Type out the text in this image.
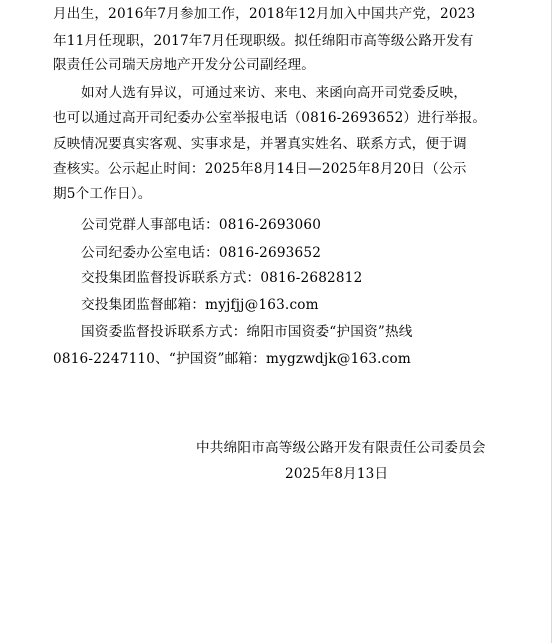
月出生，2016年7月参加工作，2018年12月加入中国共产党，2023
年11月任现职，2017年7月任现职级。拟任绵阳市高等级公路开发有
限责任公司瑞天房地产开发分公司副经理。
如对人选有异议，可通过来访、来电、来函向高开司党委反映，
也可以通过高开司纪委办公室举报电话（0816-2693652）进行举报。
反映情况要真实客观、实事求是，并署真实姓名、联系方式，便于调
查核实。公示起止时间：2025年8月14日—2025年8月20日（公示
期5个工作日）。
公司党群人事部电话：0816-2693060
公司纪委办公室电话：0816-2693652
交投集团监督投诉联系方式：0816-2682812
交投集团监督邮箱：myjfjj@163.com
国资委监督投诉联系方式：绵阳市国资委“护国资”热线
0816-2247110、“护国资”邮箱：mygzwdjk@163.com
中共绵阳市高等级公路开发有限责任公司委员会
2025年8月13日
